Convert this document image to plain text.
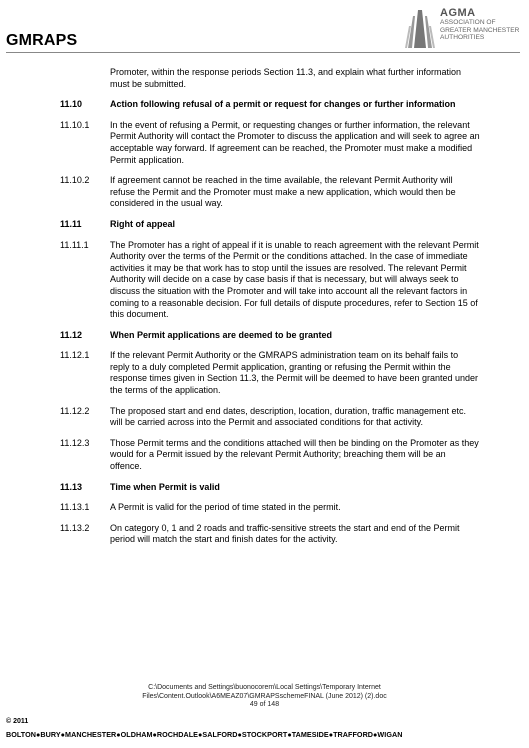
GMRAPS
AGMA
ASSOCIATION OF
GREATER MANCHESTER
AUTHORITIES

Promoter, within the response periods Section 11.3, and explain what further information must be submitted.

11.10	Action following refusal of a permit or request for changes or further information
11.10.1	In the event of refusing a Permit, or requesting changes or further information, the relevant Permit Authority will contact the Promoter to discuss the application and will seek to agree an acceptable way forward. If agreement can be reached, the Promoter must make a modified Permit application.
11.10.2	If agreement cannot be reached in the time available, the relevant Permit Authority will refuse the Permit and the Promoter must make a new application, which would then be considered in the usual way.
11.11	Right of appeal
11.11.1	The Promoter has a right of appeal if it is unable to reach agreement with the relevant Permit Authority over the terms of the Permit or the conditions attached. In the case of immediate activities it may be that work has to stop until the issues are resolved. The relevant Permit Authority will decide on a case by case basis if that is necessary, but will always seek to discuss the situation with the Promoter and will take into account all the relevant factors in coming to a reasonable decision. For full details of dispute procedures, refer to Section 15 of this document.
11.12	When Permit applications are deemed to be granted
11.12.1	If the relevant Permit Authority or the GMRAPS administration team on its behalf fails to reply to a duly completed Permit application, granting or refusing the Permit within the response times given in Section 11.3, the Permit will be deemed to have been granted under the terms of the application.
11.12.2	The proposed start and end dates, description, location, duration, traffic management etc. will be carried across into the Permit and associated conditions for that activity.
11.12.3	Those Permit terms and the conditions attached will then be binding on the Promoter as they would for a Permit issued by the relevant Permit Authority; breaching them will be an offence.
11.13	Time when Permit is valid
11.13.1	A Permit is valid for the period of time stated in the permit.
11.13.2	On category 0, 1 and 2 roads and traffic-sensitive streets the start and end of the Permit period will match the start and finish dates for the activity.
C:\Documents and Settings\buonocorem\Local Settings\Temporary Internet
Files\Content.Outlook\A6MEAZ07\GMRAPSschemeFINAL (June 2012) (2).doc
49 of 148
© 2011
BOLTON●BURY●MANCHESTER●OLDHAM●ROCHDALE●SALFORD●STOCKPORT●TAMESIDE●TRAFFORD●WIGAN
